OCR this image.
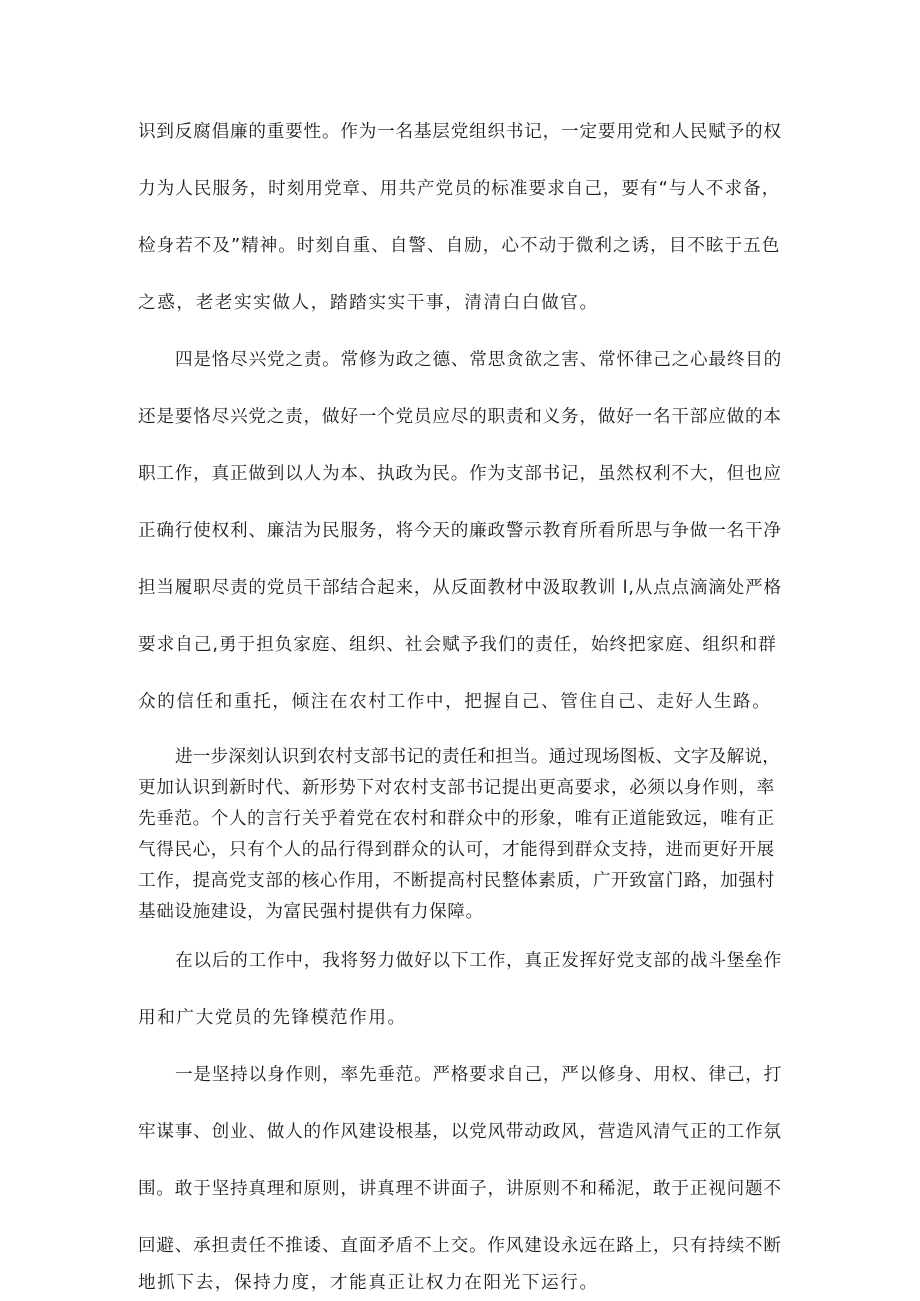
识到反腐倡廉的重要性。作为一名基层党组织书记，一定要用党和人民赋予的权
力为人民服务，时刻用党章、用共产党员的标准要求自己，要有“与人不求备，
检身若不及”精神。时刻自重、自警、自励，心不动于微利之诱，目不眩于五色
之惑，老老实实做人，踏踏实实干事，清清白白做官。
四是恪尽兴党之责。常修为政之德、常思贪欲之害、常怀律己之心最终目的
还是要恪尽兴党之责，做好一个党员应尽的职责和义务，做好一名干部应做的本
职工作，真正做到以人为本、执政为民。作为支部书记，虽然权利不大，但也应
正确行使权利、廉洁为民服务，将今天的廉政警示教育所看所思与争做一名干净
担当履职尽责的党员干部结合起来，从反面教材中汲取教训 l,从点点滴滴处严格
要求自己,勇于担负家庭、组织、社会赋予我们的责任，始终把家庭、组织和群
众的信任和重托，倾注在农村工作中，把握自己、管住自己、走好人生路。
进一步深刻认识到农村支部书记的责任和担当。通过现场图板、文字及解说，
更加认识到新时代、新形势下对农村支部书记提出更高要求，必须以身作则，率
先垂范。个人的言行关乎着党在农村和群众中的形象，唯有正道能致远，唯有正
气得民心，只有个人的品行得到群众的认可，才能得到群众支持，进而更好开展
工作，提高党支部的核心作用，不断提高村民整体素质，广开致富门路，加强村
基础设施建设，为富民强村提供有力保障。
在以后的工作中，我将努力做好以下工作，真正发挥好党支部的战斗堡垒作
用和广大党员的先锋模范作用。
一是坚持以身作则，率先垂范。严格要求自己，严以修身、用权、律己，打
牢谋事、创业、做人的作风建设根基，以党风带动政风，营造风清气正的工作氛
围。敢于坚持真理和原则，讲真理不讲面子，讲原则不和稀泥，敢于正视问题不
回避、承担责任不推诿、直面矛盾不上交。作风建设永远在路上，只有持续不断
地抓下去，保持力度，才能真正让权力在阳光下运行。
